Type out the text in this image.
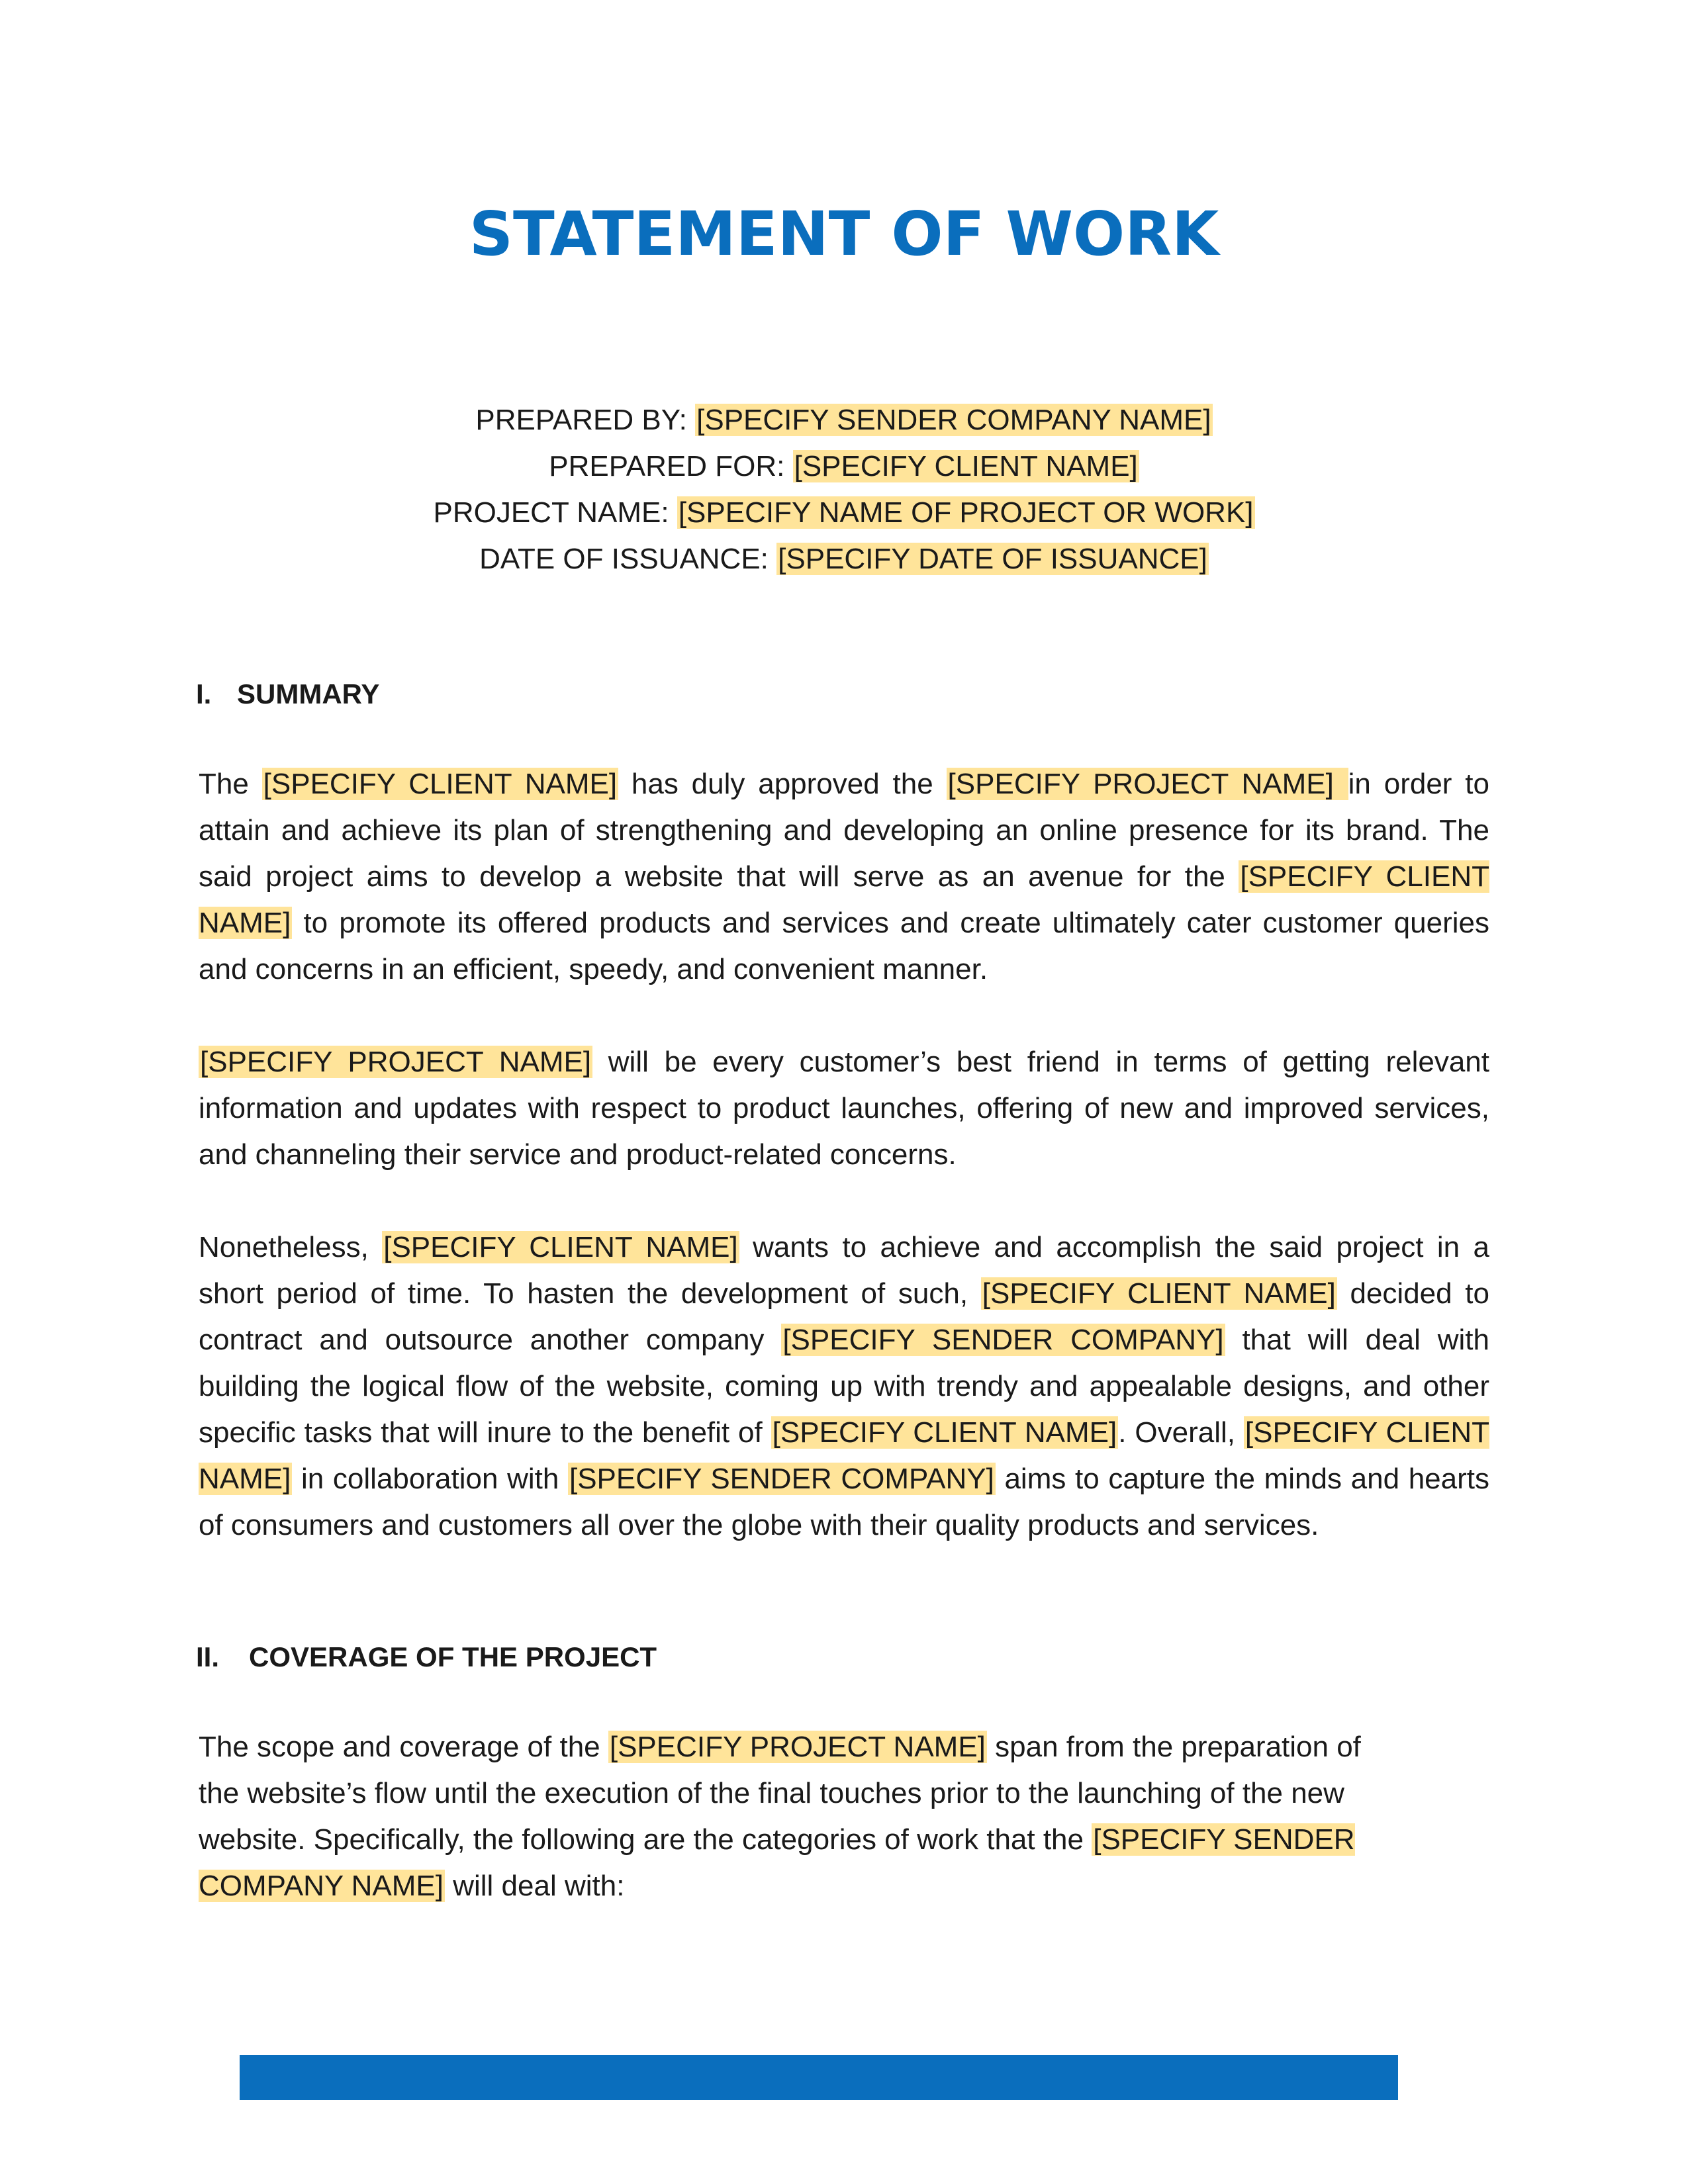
STATEMENT OF WORK
PREPARED BY: [SPECIFY SENDER COMPANY NAME]
PREPARED FOR: [SPECIFY CLIENT NAME]
PROJECT NAME: [SPECIFY NAME OF PROJECT OR WORK]
DATE OF ISSUANCE: [SPECIFY DATE OF ISSUANCE]
I. SUMMARY
The [SPECIFY CLIENT NAME] has duly approved the [SPECIFY PROJECT NAME] in order to attain and achieve its plan of strengthening and developing an online presence for its brand. The said project aims to develop a website that will serve as an avenue for the [SPECIFY CLIENT NAME] to promote its offered products and services and create ultimately cater customer queries and concerns in an efficient, speedy, and convenient manner.
[SPECIFY PROJECT NAME] will be every customer’s best friend in terms of getting relevant information and updates with respect to product launches, offering of new and improved services, and channeling their service and product-related concerns.
Nonetheless, [SPECIFY CLIENT NAME] wants to achieve and accomplish the said project in a short period of time. To hasten the development of such, [SPECIFY CLIENT NAME] decided to contract and outsource another company [SPECIFY SENDER COMPANY] that will deal with building the logical flow of the website, coming up with trendy and appealable designs, and other specific tasks that will inure to the benefit of [SPECIFY CLIENT NAME]. Overall, [SPECIFY CLIENT NAME] in collaboration with [SPECIFY SENDER COMPANY] aims to capture the minds and hearts of consumers and customers all over the globe with their quality products and services.
II. COVERAGE OF THE PROJECT
The scope and coverage of the [SPECIFY PROJECT NAME] span from the preparation of the website’s flow until the execution of the final touches prior to the launching of the new website. Specifically, the following are the categories of work that the [SPECIFY SENDER COMPANY NAME] will deal with:
